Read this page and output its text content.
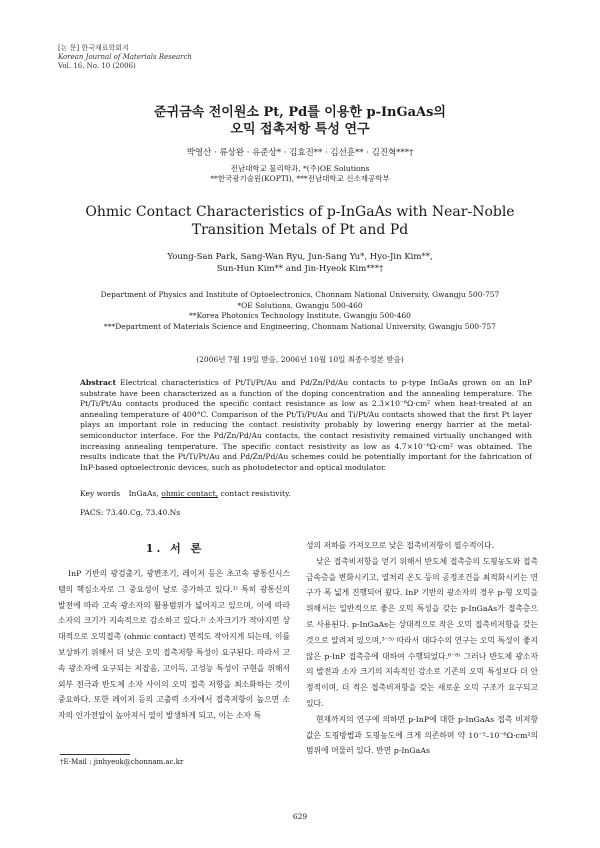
[논 문] 한국재료학회지
Korean Journal of Materials Research
Vol. 16, No. 10 (2006)
준귀금속 전이원소 Pt, Pd를 이용한 p-InGaAs의
오믹 접촉저항 특성 연구
박영산 · 류상완 · 유준상* · 김효진** · 김선훈** · 김진혁***†
전남대학교 물리학과, *(주)OE Solutions
**한국광기술원(KOPTI), ***전남대학교 신소재공학부
Ohmic Contact Characteristics of p-InGaAs with Near-Noble
Transition Metals of Pt and Pd
Young-San Park, Sang-Wan Ryu, Jun-Sang Yu*, Hyo-Jin Kim**,
Sun-Hun Kim** and Jin-Hyeok Kim***†
Department of Physics and Institute of Optoelectronics, Chonnam National University, Gwangju 500-757
*OE Solutions, Gwangju 500-460
**Korea Photonics Technology Institute, Gwangju 500-460
***Department of Materials Science and Engineering, Chonnam National University, Gwangju 500-757
(2006년 7월 19일 받음, 2006년 10월 10일 최종수정본 받음)
Abstract Electrical characteristics of Pt/Ti/Pt/Au and Pd/Zn/Pd/Au contacts to p-type InGaAs grown on an InP substrate have been characterized as a function of the doping concentration and the annealing temperature. The Pt/Ti/Pt/Au contacts produced the specific contact resistance as low as 2.3×10⁻⁶Ω·cm² when heat-treated at an annealing temperature of 400°C. Comparison of the Pt/Ti/Pt/Au and Ti/Pt/Au contacts showed that the first Pt layer plays an important role in reducing the contact resistivity probably by lowering energy barrier at the metal-semiconductor interface. For the Pd/Zn/Pd/Au contacts, the contact resistivity remained virtually unchanged with increasing annealing temperature. The specific contact resistivity as low as 4.7×10⁻⁶Ω·cm² was obtained. The results indicate that the Pt/Ti/Pt/Au and Pd/Zn/Pd/Au schemes could be potentially important for the fabrication of InP-based optoelectronic devices, such as photodetector and optical modulator.
Key words InGaAs, ohmic contact, contact resistivity.
PACS: 73.40.Cg, 73.40.Ns
1. 서 론

InP 기반의 광검출기, 광변조기, 레이저 등은 초고속 광통신시스템의 핵심소자로 그 중요성이 날로 증가하고 있다.¹⁾ 특히 광통신의 발전에 따라 고속 광소자의 활용범위가 넓어지고 있으며, 이에 따라 소자의 크기가 지속적으로 감소하고 있다.²⁾ 소자크기가 작아지면 상대적으로 오믹접촉 (ohmic contact) 면적도 작아지게 되는데, 이를 보상하기 위해서 더 낮은 오믹 접촉저항 특성이 요구된다. 따라서 고속 광소자에 요구되는 저잡음, 고이득, 고성능 특성이 구현을 위해서 외부 전극과 반도체 소자 사이의 오믹 접촉 저항을 최소화하는 것이 중요하다. 또한 레이저 등의 고출력 소자에서 접촉저항이 높으면 소자의 인가전압이 높아져서 열이 발생하게 되고, 이는 소자 특

성의 저하를 가져오므로 낮은 접촉비저항이 필수적이다.

낮은 접촉비저항을 얻기 위해서 반도체 접촉층의 도핑농도와 접촉 금속층을 변화시키고, 열처리 온도 등의 공정조건을 최적화시키는 연구가 폭 넓게 진행되어 왔다. InP 기반의 광소자의 경우 p-형 오믹을 위해서는 일반적으로 좋은 오믹 특성을 갖는 p-InGaAs가 접촉층으로 사용된다. p-InGaAs는 상대적으로 작은 오믹 접촉비저항을 갖는 것으로 알려져 있으며,³⁻⁵⁾ 따라서 대다수의 연구는 오믹 특성이 좋지 않은 p-InP 접촉층에 대하여 수행되었다.⁶⁻⁸⁾ 그러나 반도체 광소자의 발전과 소자 크기의 지속적인 감소로 기존의 오믹 특성보다 더 안정적이며, 더 적은 접촉비저항을 갖는 새로운 오믹 구조가 요구되고 있다.

현재까지의 연구에 의하면 p-InP에 대한 p-InGaAs 접촉 비저항 값은 도핑방법과 도핑농도에 크게 의존하며 약 10⁻⁵–10⁻⁶Ω·cm²의 범위에 머물러 있다. 반면 p-InGaAs

†E-Mail : jinhyeok@chonnam.ac.kr
629
